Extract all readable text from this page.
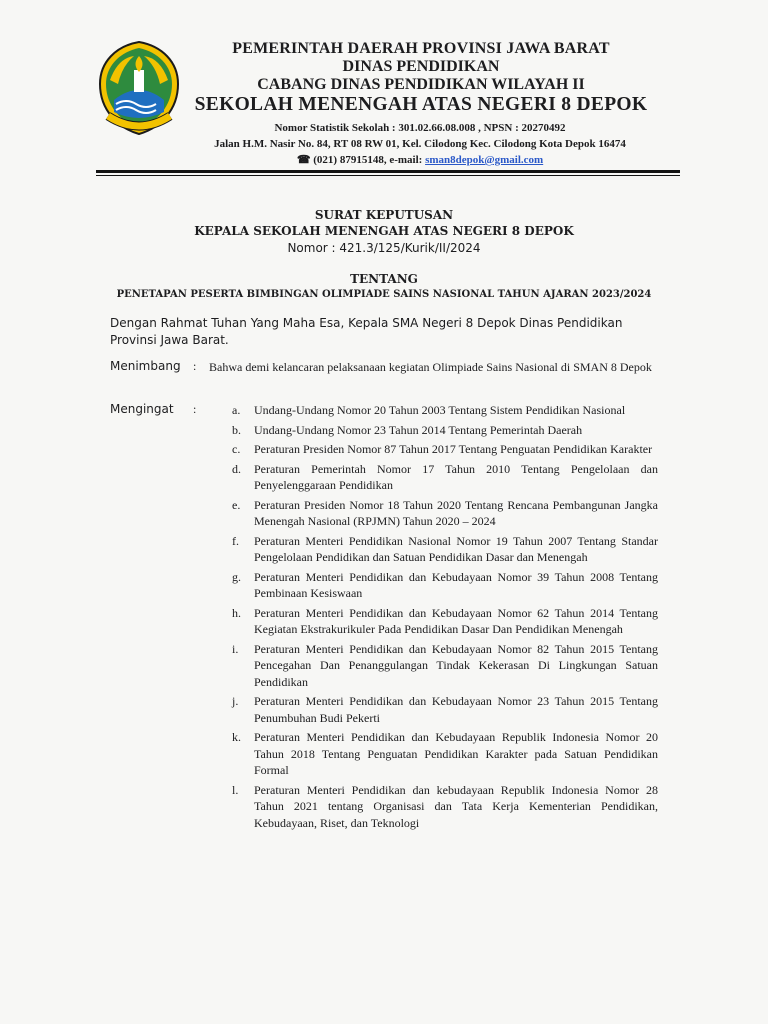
PEMERINTAH DAERAH PROVINSI JAWA BARAT
DINAS PENDIDIKAN
CABANG DINAS PENDIDIKAN WILAYAH II
SEKOLAH MENENGAH ATAS NEGERI 8 DEPOK
Nomor Statistik Sekolah : 301.02.66.08.008 , NPSN : 20270492
Jalan H.M. Nasir No. 84, RT 08 RW 01, Kel. Cilodong Kec. Cilodong Kota Depok 16474
☎ (021) 87915148, e-mail: sman8depok@gmail.com
SURAT KEPUTUSAN
KEPALA SEKOLAH MENENGAH ATAS NEGERI 8 DEPOK
Nomor : 421.3/125/Kurik/II/2024
TENTANG
PENETAPAN PESERTA BIMBINGAN OLIMPIADE SAINS NASIONAL TAHUN AJARAN 2023/2024
Dengan Rahmat Tuhan Yang Maha Esa, Kepala SMA Negeri 8 Depok Dinas Pendidikan Provinsi Jawa Barat.
Menimbang : Bahwa demi kelancaran pelaksanaan kegiatan Olimpiade Sains Nasional di SMAN 8 Depok
Mengingat :	a. Undang-Undang Nomor 20 Tahun 2003 Tentang Sistem Pendidikan Nasional
b. Undang-Undang Nomor 23 Tahun 2014 Tentang Pemerintah Daerah
c. Peraturan Presiden Nomor 87 Tahun 2017 Tentang Penguatan Pendidikan Karakter
d. Peraturan Pemerintah Nomor 17 Tahun 2010 Tentang Pengelolaan dan Penyelenggaraan Pendidikan
e. Peraturan Presiden Nomor 18 Tahun 2020 Tentang Rencana Pembangunan Jangka Menengah Nasional (RPJMN) Tahun 2020 – 2024
f. Peraturan Menteri Pendidikan Nasional Nomor 19 Tahun 2007 Tentang Standar Pengelolaan Pendidikan dan Satuan Pendidikan Dasar dan Menengah
g. Peraturan Menteri Pendidikan dan Kebudayaan Nomor 39 Tahun 2008 Tentang Pembinaan Kesiswaan
h. Peraturan Menteri Pendidikan dan Kebudayaan Nomor 62 Tahun 2014 Tentang Kegiatan Ekstrakurikuler Pada Pendidikan Dasar Dan Pendidikan Menengah
i. Peraturan Menteri Pendidikan dan Kebudayaan Nomor 82 Tahun 2015 Tentang Pencegahan Dan Penanggulangan Tindak Kekerasan Di Lingkungan Satuan Pendidikan
j. Peraturan Menteri Pendidikan dan Kebudayaan Nomor 23 Tahun 2015 Tentang Penumbuhan Budi Pekerti
k. Peraturan Menteri Pendidikan dan Kebudayaan Republik Indonesia Nomor 20 Tahun 2018 Tentang Penguatan Pendidikan Karakter pada Satuan Pendidikan Formal
l. Peraturan Menteri Pendidikan dan kebudayaan Republik Indonesia Nomor 28 Tahun 2021 tentang Organisasi dan Tata Kerja Kementerian Pendidikan, Kebudayaan, Riset, dan Teknologi
